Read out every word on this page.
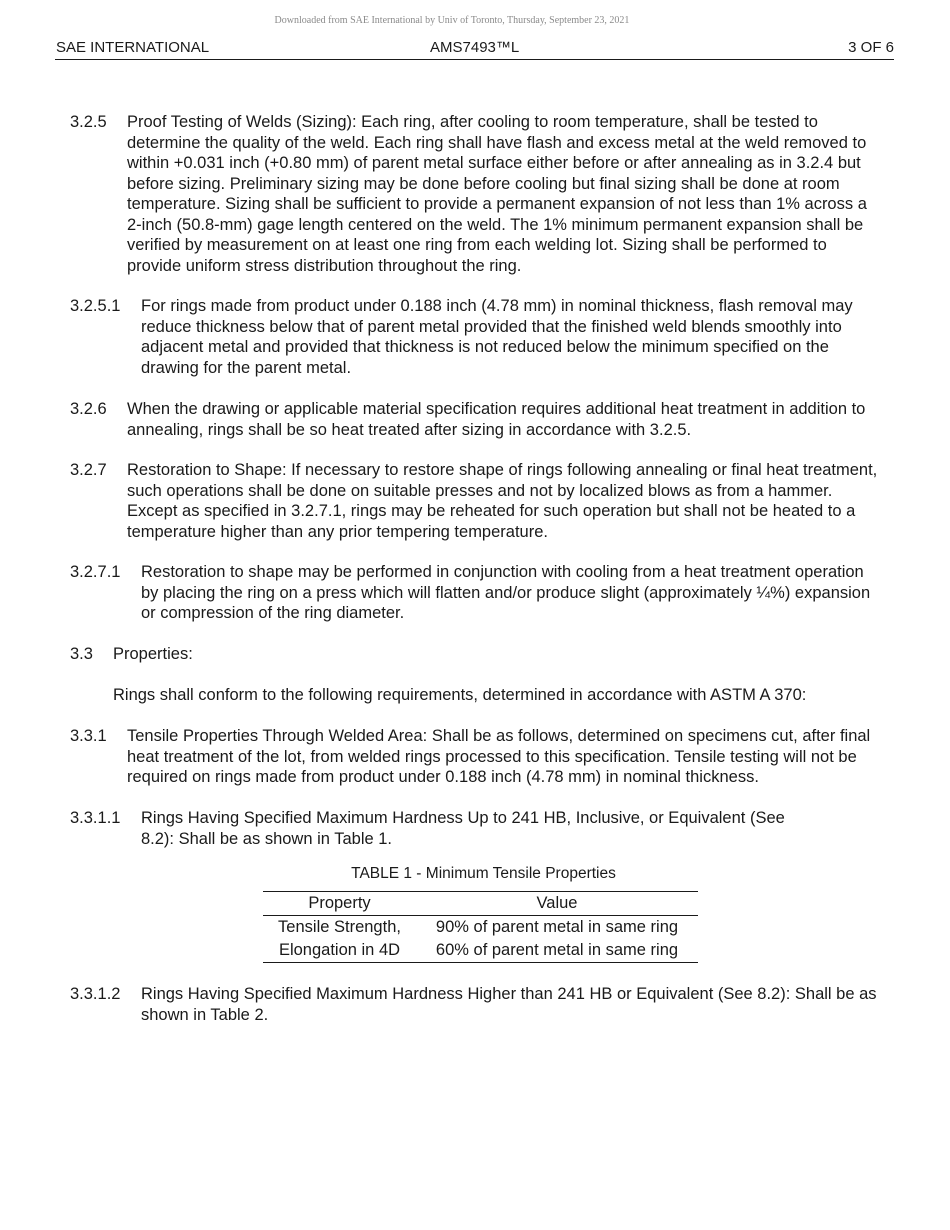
Downloaded from SAE International by Univ of Toronto, Thursday, September 23, 2021
SAE INTERNATIONAL	AMS7493™L	3 OF 6
3.2.5 Proof Testing of Welds (Sizing): Each ring, after cooling to room temperature, shall be tested to determine the quality of the weld. Each ring shall have flash and excess metal at the weld removed to within +0.031 inch (+0.80 mm) of parent metal surface either before or after annealing as in 3.2.4 but before sizing. Preliminary sizing may be done before cooling but final sizing shall be done at room temperature. Sizing shall be sufficient to provide a permanent expansion of not less than 1% across a 2-inch (50.8-mm) gage length centered on the weld. The 1% minimum permanent expansion shall be verified by measurement on at least one ring from each welding lot. Sizing shall be performed to provide uniform stress distribution throughout the ring.

3.2.5.1 For rings made from product under 0.188 inch (4.78 mm) in nominal thickness, flash removal may reduce thickness below that of parent metal provided that the finished weld blends smoothly into adjacent metal and provided that thickness is not reduced below the minimum specified on the drawing for the parent metal.

3.2.6 When the drawing or applicable material specification requires additional heat treatment in addition to annealing, rings shall be so heat treated after sizing in accordance with 3.2.5.

3.2.7 Restoration to Shape: If necessary to restore shape of rings following annealing or final heat treatment, such operations shall be done on suitable presses and not by localized blows as from a hammer. Except as specified in 3.2.7.1, rings may be reheated for such operation but shall not be heated to a temperature higher than any prior tempering temperature.

3.2.7.1 Restoration to shape may be performed in conjunction with cooling from a heat treatment operation by placing the ring on a press which will flatten and/or produce slight (approximately ¼%) expansion or compression of the ring diameter.

3.3 Properties:

Rings shall conform to the following requirements, determined in accordance with ASTM A 370:

3.3.1 Tensile Properties Through Welded Area: Shall be as follows, determined on specimens cut, after final heat treatment of the lot, from welded rings processed to this specification. Tensile testing will not be required on rings made from product under 0.188 inch (4.78 mm) in nominal thickness.

3.3.1.1 Rings Having Specified Maximum Hardness Up to 241 HB, Inclusive, or Equivalent (See 8.2): Shall be as shown in Table 1.

TABLE 1 - Minimum Tensile Properties
Property	Value
Tensile Strength,	90% of parent metal in same ring
Elongation in 4D	60% of parent metal in same ring
3.3.1.2 Rings Having Specified Maximum Hardness Higher than 241 HB or Equivalent (See 8.2): Shall be as shown in Table 2.
